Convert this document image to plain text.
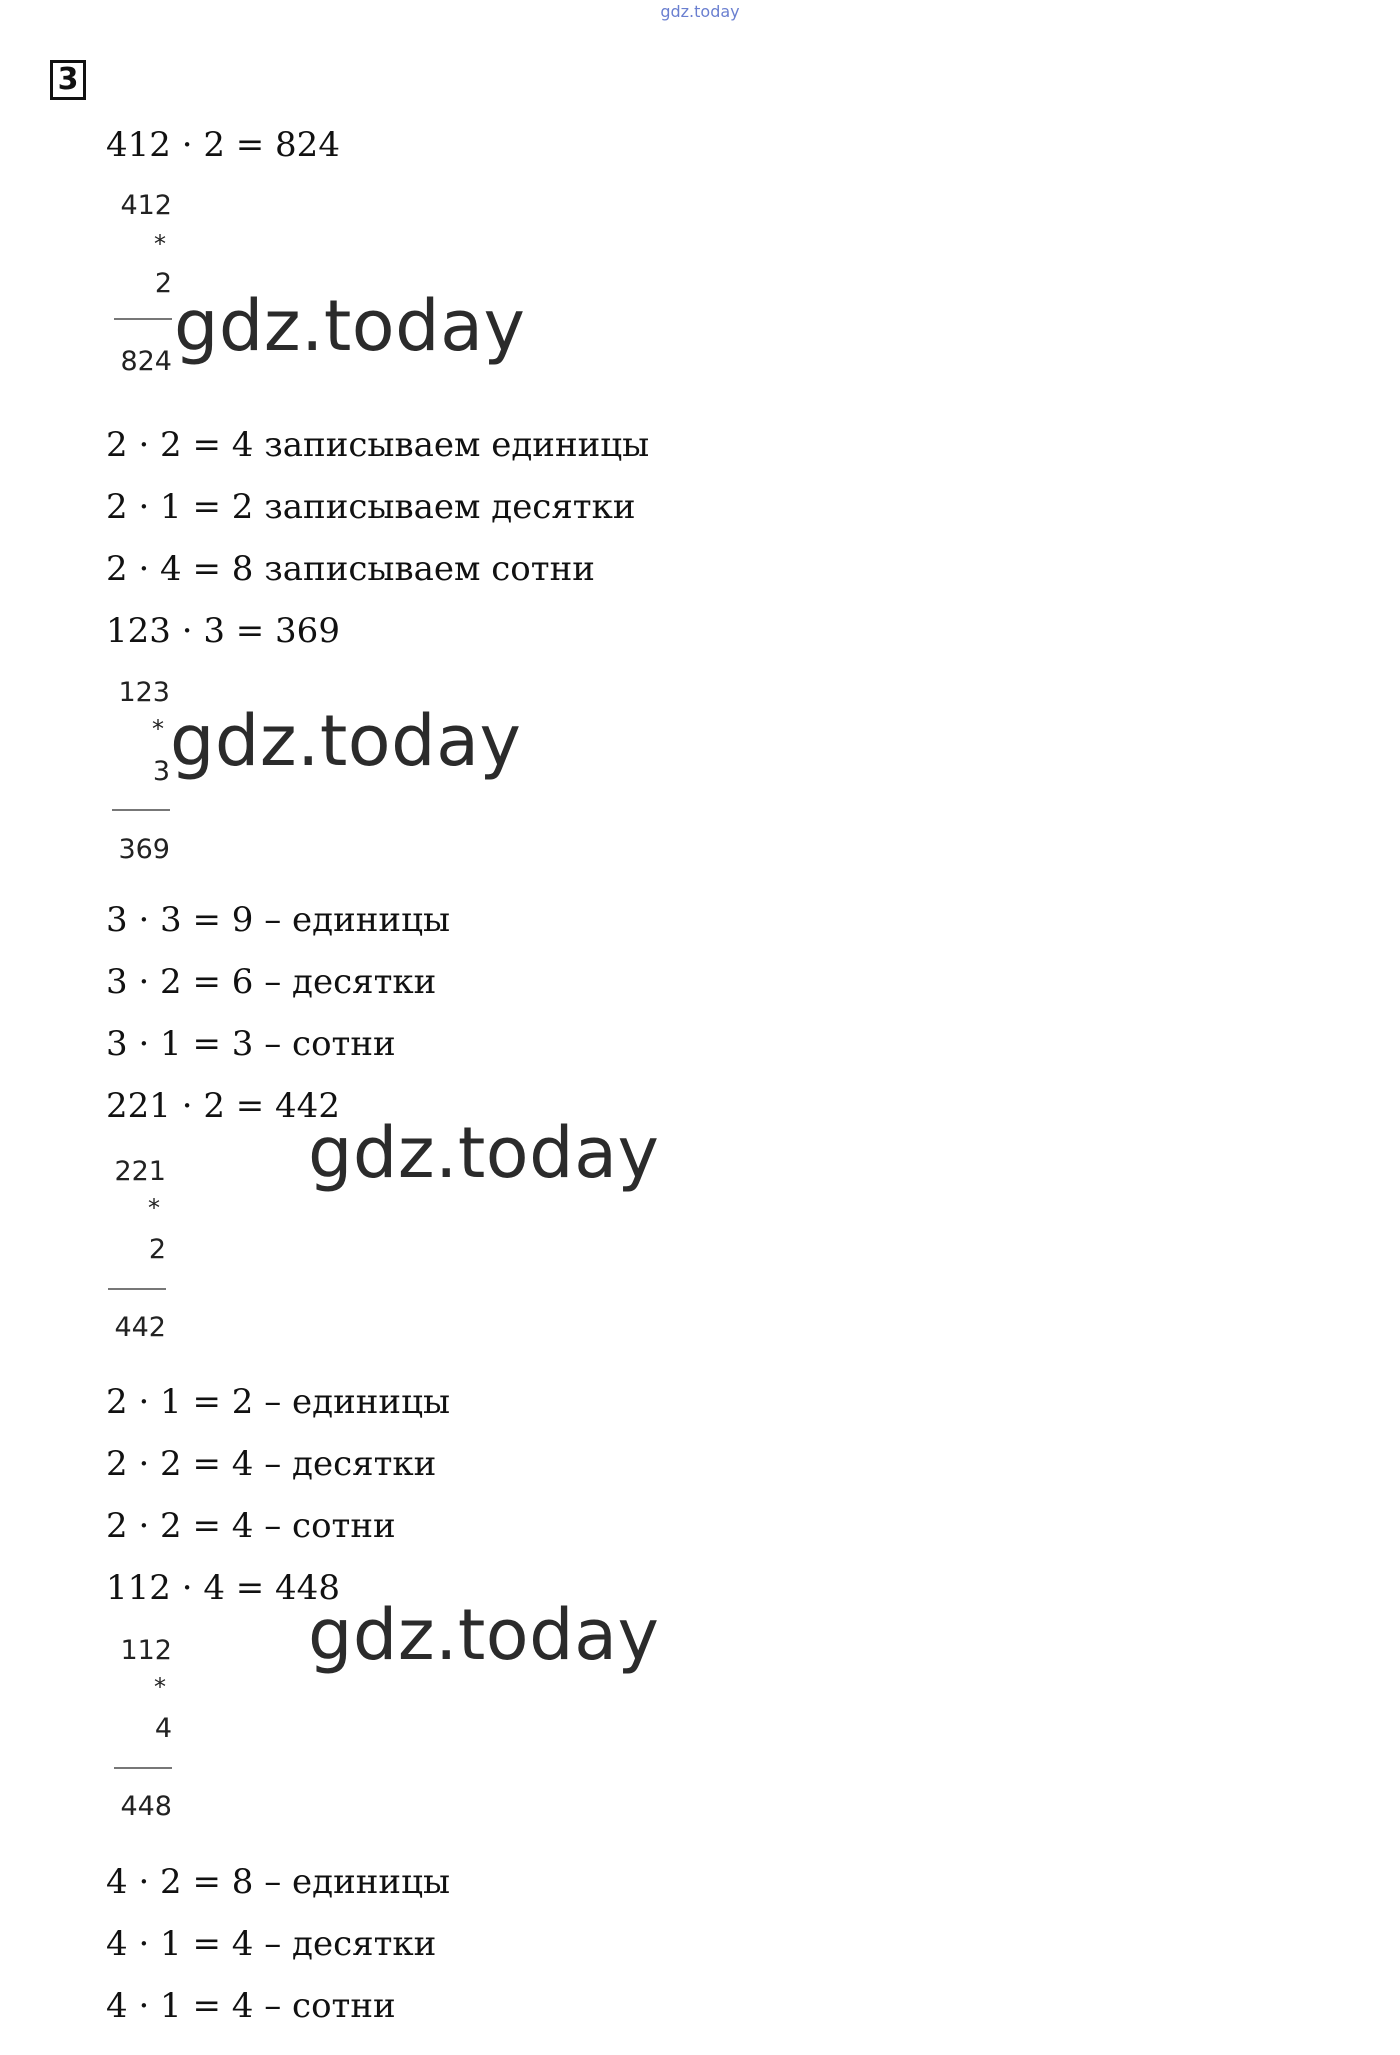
gdz.today
3
412 · 2 = 824
412
*
2
824 gdz.today
2 · 2 = 4 записываем единицы
2 · 1 = 2 записываем десятки
2 · 4 = 8 записываем сотни
123 · 3 = 369
123
*
3
369
gdz.today
3 · 3 = 9 – единицы
3 · 2 = 6 – десятки
3 · 1 = 3 – сотни
221 · 2 = 442
gdz.today
221
*
2
442
2 · 1 = 2 – единицы
2 · 2 = 4 – десятки
2 · 2 = 4 – сотни
112 · 4 = 448
gdz.today
112
*
4
448
4 · 2 = 8 – единицы
4 · 1 = 4 – десятки
4 · 1 = 4 – сотни
